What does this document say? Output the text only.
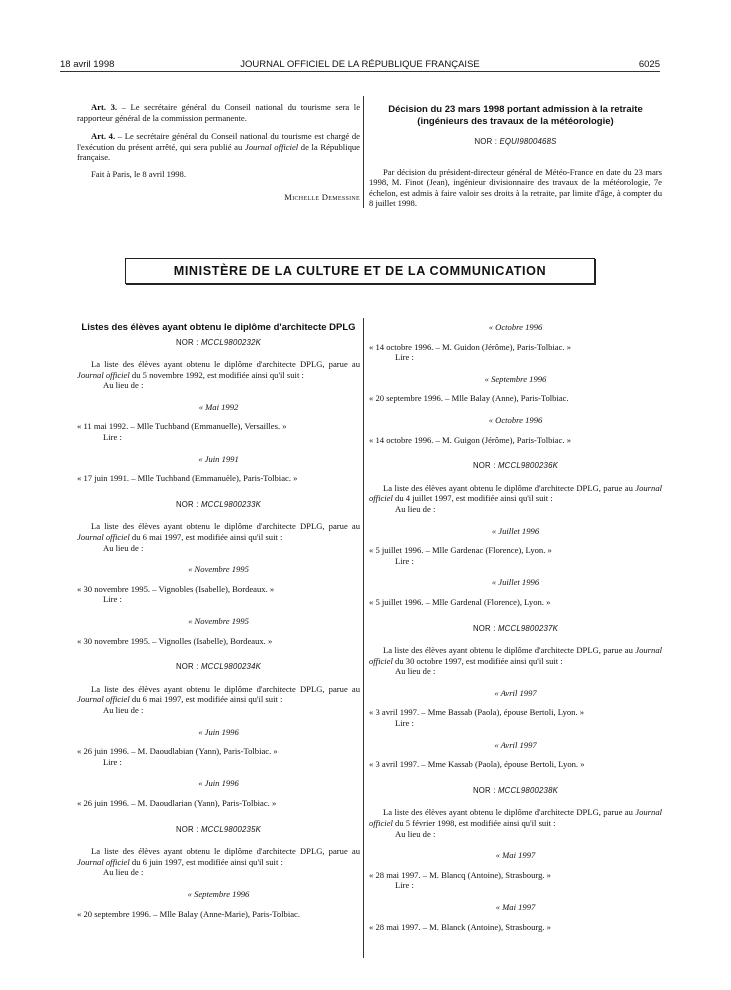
18 avril 1998	JOURNAL OFFICIEL DE LA RÉPUBLIQUE FRANÇAISE	6025

Art. 3. – Le secrétaire général du Conseil national du tourisme sera le rapporteur général de la commission permanente.

Art. 4. – Le secrétaire général du Conseil national du tourisme est chargé de l'exécution du présent arrêté, qui sera publié au Journal officiel de la République française.

Fait à Paris, le 8 avril 1998.

Michelle Demessine

Décision du 23 mars 1998 portant admission à la retraite (ingénieurs des travaux de la météorologie)

NOR : EQUI9800468S

Par décision du président-directeur général de Météo-France en date du 23 mars 1998, M. Finot (Jean), ingénieur divisionnaire des travaux de la météorologie, 7e échelon, est admis à faire valoir ses droits à la retraite, par limite d'âge, à compter du 8 juillet 1998.

MINISTÈRE DE LA CULTURE ET DE LA COMMUNICATION

Listes des élèves ayant obtenu le diplôme d'architecte DPLG

NOR : MCCL9800232K

La liste des élèves ayant obtenu le diplôme d'architecte DPLG, parue au Journal officiel du 5 novembre 1992, est modifiée ainsi qu'il suit :

Au lieu de :

« Mai 1992

« 11 mai 1992. – Mlle Tuchband (Emmanuelle), Versailles. »

Lire :

« Juin 1991

« 17 juin 1991. – Mlle Tuchband (Emmanuèle), Paris-Tolbiac. »

NOR : MCCL9800233K

La liste des élèves ayant obtenu le diplôme d'architecte DPLG, parue au Journal officiel du 6 mai 1997, est modifiée ainsi qu'il suit :

Au lieu de :

« Novembre 1995

« 30 novembre 1995. – Vignobles (Isabelle), Bordeaux. »

Lire :

« Novembre 1995

« 30 novembre 1995. – Vignolles (Isabelle), Bordeaux. »

NOR : MCCL9800234K

La liste des élèves ayant obtenu le diplôme d'architecte DPLG, parue au Journal officiel du 6 mai 1997, est modifiée ainsi qu'il suit :

Au lieu de :

« Juin 1996

« 26 juin 1996. – M. Daoudlabian (Yann), Paris-Tolbiac. »

Lire :

« Juin 1996

« 26 juin 1996. – M. Daoudlarian (Yann), Paris-Tolbiac. »

NOR : MCCL9800235K

La liste des élèves ayant obtenu le diplôme d'architecte DPLG, parue au Journal officiel du 6 juin 1997, est modifiée ainsi qu'il suit :

Au lieu de :

« Septembre 1996

« 20 septembre 1996. – Mlle Balay (Anne-Marie), Paris-Tolbiac.

« Octobre 1996

« 14 octobre 1996. – M. Guidon (Jérôme), Paris-Tolbiac. »

Lire :

« Septembre 1996

« 20 septembre 1996. – Mlle Balay (Anne), Paris-Tolbiac.

« Octobre 1996

« 14 octobre 1996. – M. Guigon (Jérôme), Paris-Tolbiac. »

NOR : MCCL9800236K

La liste des élèves ayant obtenu le diplôme d'architecte DPLG, parue au Journal officiel du 4 juillet 1997, est modifiée ainsi qu'il suit :

Au lieu de :

« Juillet 1996

« 5 juillet 1996. – Mlle Gardenac (Florence), Lyon. »

Lire :

« Juillet 1996

« 5 juillet 1996. – Mlle Gardenal (Florence), Lyon. »

NOR : MCCL9800237K

La liste des élèves ayant obtenu le diplôme d'architecte DPLG, parue au Journal officiel du 30 octobre 1997, est modifiée ainsi qu'il suit :

Au lieu de :

« Avril 1997

« 3 avril 1997. – Mme Bassab (Paola), épouse Bertoli, Lyon. »

Lire :

« Avril 1997

« 3 avril 1997. – Mme Kassab (Paola), épouse Bertoli, Lyon. »

NOR : MCCL9800238K

La liste des élèves ayant obtenu le diplôme d'architecte DPLG, parue au Journal officiel du 5 février 1998, est modifiée ainsi qu'il suit :

Au lieu de :

« Mai 1997

« 28 mai 1997. – M. Blancq (Antoine), Strasbourg. »

Lire :

« Mai 1997

« 28 mai 1997. – M. Blanck (Antoine), Strasbourg. »
